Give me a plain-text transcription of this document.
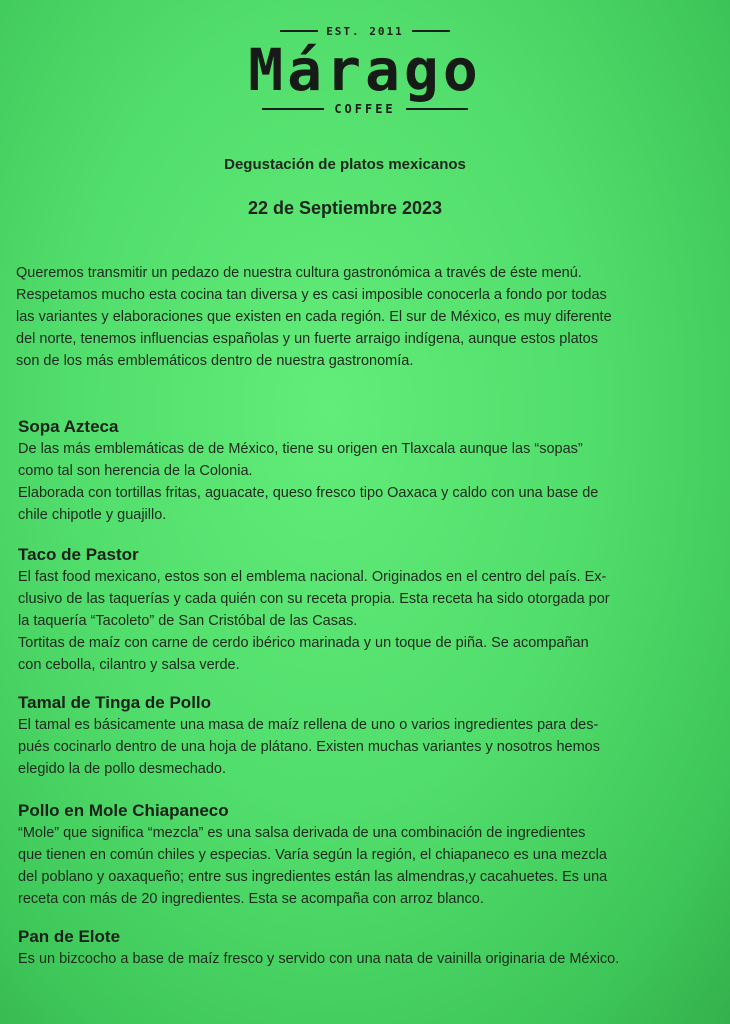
EST. 2011
Márago
COFFEE
Degustación de platos mexicanos
22 de Septiembre 2023

Queremos transmitir un pedazo de nuestra cultura gastronómica a través de éste menú.

Respetamos mucho esta cocina tan diversa y es casi imposible conocerla a fondo por todas

las variantes y elaboraciones que existen en cada región. El sur de México, es muy diferente

del norte, tenemos influencias españolas y un fuerte arraigo indígena, aunque estos platos

son de los más emblemáticos dentro de nuestra gastronomía.

Sopa Azteca

De las más emblemáticas de de México, tiene su origen en Tlaxcala aunque las “sopas”

como tal son herencia de la Colonia.

Elaborada con tortillas fritas, aguacate, queso fresco tipo Oaxaca y caldo con una base de

chile chipotle y guajillo.

Taco de Pastor

El fast food mexicano, estos son el emblema nacional. Originados en el centro del país. Ex-

clusivo de las taquerías y cada quién con su receta propia. Esta receta ha sido otorgada por

la taquería “Tacoleto” de San Cristóbal de las Casas.

Tortitas de maíz con carne de cerdo ibérico marinada y un toque de piña. Se acompañan

con cebolla, cilantro y salsa verde.

Tamal de Tinga de Pollo

El tamal es básicamente una masa de maíz rellena de uno o varios ingredientes para des-

pués cocinarlo dentro de una hoja de plátano. Existen muchas variantes y nosotros hemos

elegido la de pollo desmechado.

Pollo en Mole Chiapaneco

“Mole” que significa “mezcla” es una salsa derivada de una combinación de ingredientes

que tienen en común chiles y especias. Varía según la región, el chiapaneco es una mezcla

del poblano y oaxaqueño; entre sus ingredientes están las almendras,y cacahuetes. Es una

receta con más de 20 ingredientes. Esta se acompaña con arroz blanco.

Pan de Elote

Es un bizcocho a base de maíz fresco y servido con una nata de vainilla originaria de México.
